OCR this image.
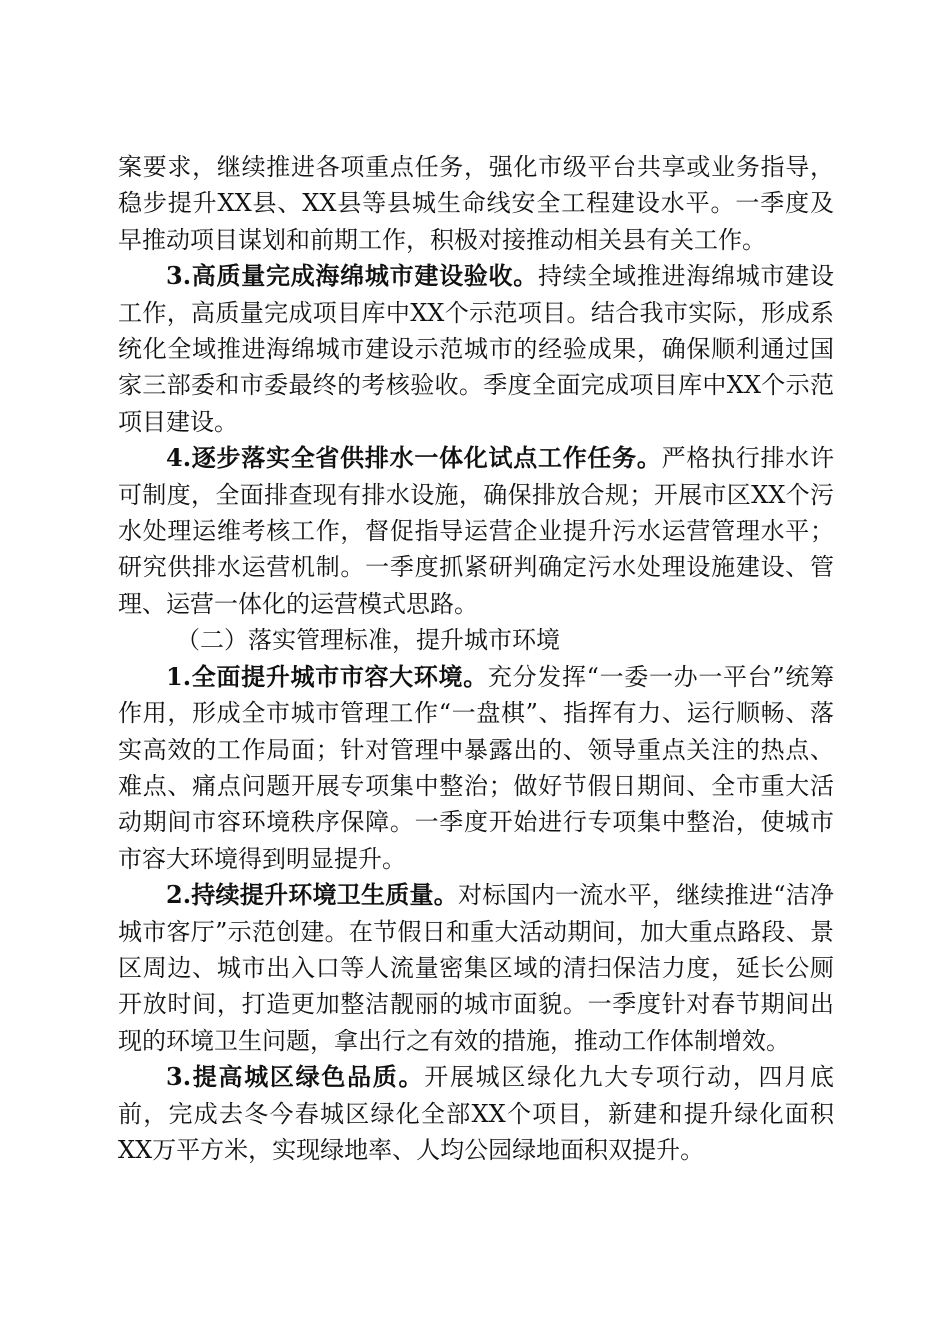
案要求，继续推进各项重点任务，强化市级平台共享或业务指导，稳步提升XX县、XX县等县城生命线安全工程建设水平。一季度及早推动项目谋划和前期工作，积极对接推动相关县有关工作。

3.高质量完成海绵城市建设验收。持续全域推进海绵城市建设工作，高质量完成项目库中XX个示范项目。结合我市实际，形成系统化全域推进海绵城市建设示范城市的经验成果，确保顺利通过国家三部委和市委最终的考核验收。季度全面完成项目库中XX个示范项目建设。

4.逐步落实全省供排水一体化试点工作任务。严格执行排水许可制度，全面排查现有排水设施，确保排放合规；开展市区XX个污水处理运维考核工作，督促指导运营企业提升污水运营管理水平；研究供排水运营机制。一季度抓紧研判确定污水处理设施建设、管理、运营一体化的运营模式思路。

（二）落实管理标准，提升城市环境

1.全面提升城市市容大环境。充分发挥“一委一办一平台”统筹作用，形成全市城市管理工作“一盘棋”、指挥有力、运行顺畅、落实高效的工作局面；针对管理中暴露出的、领导重点关注的热点、难点、痛点问题开展专项集中整治；做好节假日期间、全市重大活动期间市容环境秩序保障。一季度开始进行专项集中整治，使城市市容大环境得到明显提升。

2.持续提升环境卫生质量。对标国内一流水平，继续推进“洁净城市客厅”示范创建。在节假日和重大活动期间，加大重点路段、景区周边、城市出入口等人流量密集区域的清扫保洁力度，延长公厕开放时间，打造更加整洁靓丽的城市面貌。一季度针对春节期间出现的环境卫生问题，拿出行之有效的措施，推动工作体制增效。

3.提高城区绿色品质。开展城区绿化九大专项行动，四月底前，完成去冬今春城区绿化全部XX个项目，新建和提升绿化面积XX万平方米，实现绿地率、人均公园绿地面积双提升。
